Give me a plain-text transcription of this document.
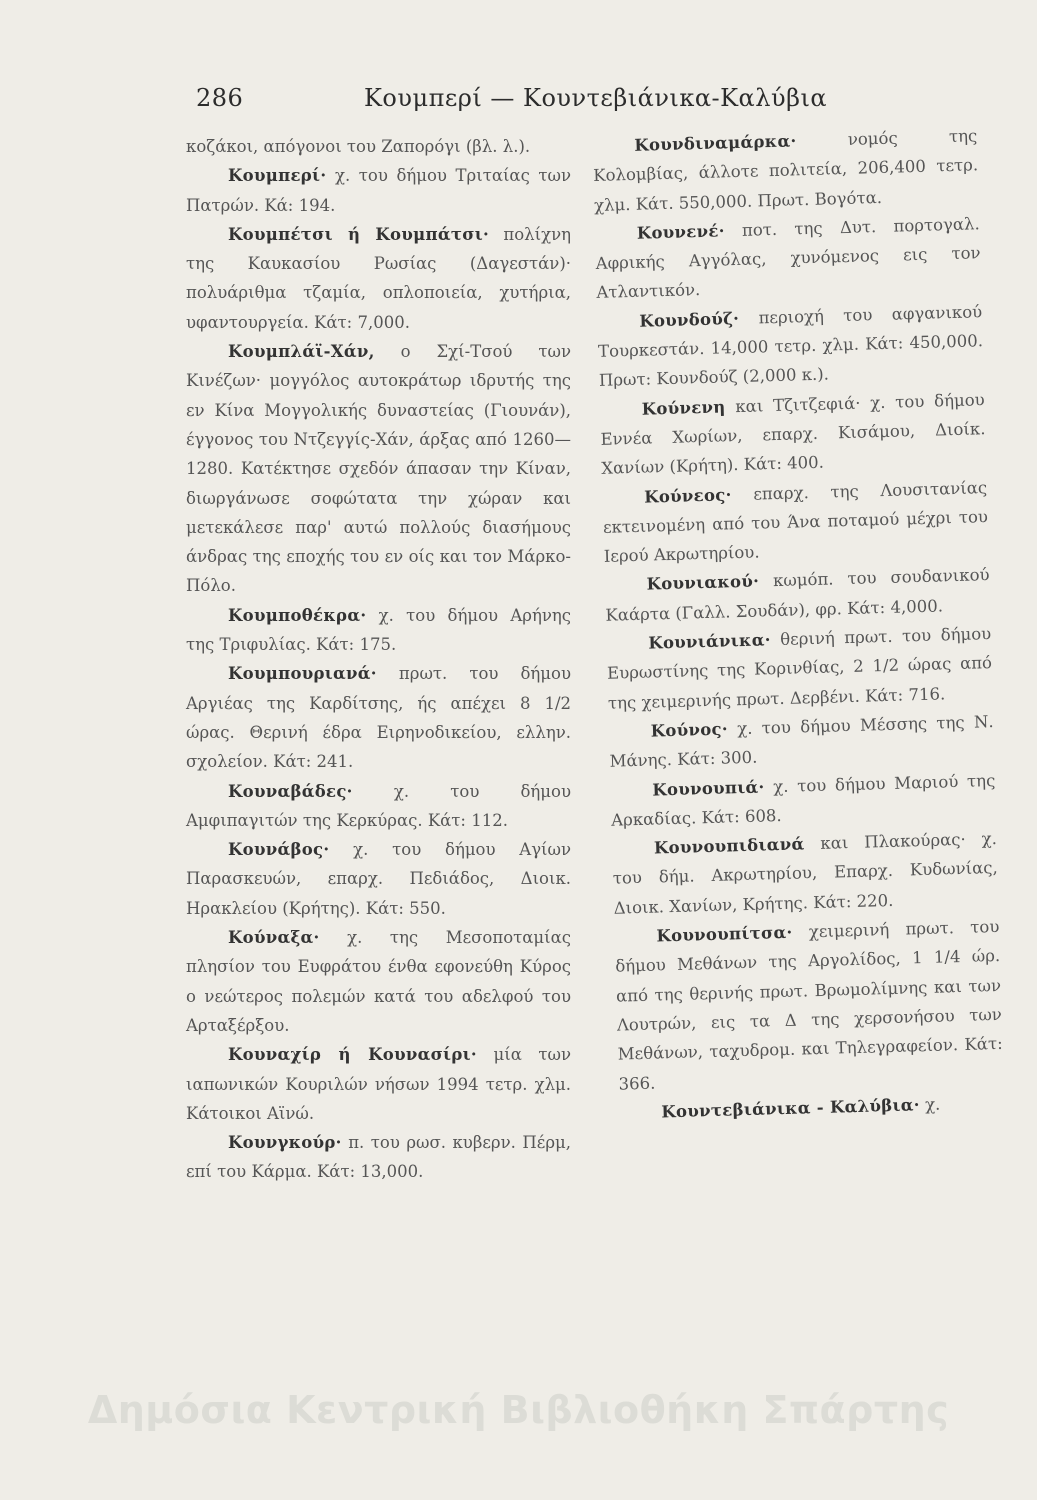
286	Κουμπερί — Κουντεβιάνικα-Καλύβια

κοζάκοι, απόγονοι του Ζαπορόγι (βλ. λ.).

Κουμπερί· χ. του δήμου Τριταίας των Πατρών. Κά: 194.

Κουμπέτσι ή Κουμπάτσι· πολίχνη της Καυκασίου Ρωσίας (Δαγεστάν)· πολυάριθμα τζαμία, οπλοποιεία, χυτήρια, υφαντουργεία. Κάτ: 7,000.

Κουμπλάϊ-Χάν, ο Σχί-Τσού των Κινέζων· μογγόλος αυτοκράτωρ ιδρυτής της εν Κίνα Μογγολικής δυναστείας (Γιουνάν), έγγονος του Ντζεγγίς-Χάν, άρξας από 1260—1280. Κατέκτησε σχεδόν άπασαν την Κίναν, διωργάνωσε σοφώτατα την χώραν και μετεκάλεσε παρ' αυτώ πολλούς διασήμους άνδρας της εποχής του εν οίς και τον Μάρκο-Πόλο.

Κουμποθέκρα· χ. του δήμου Αρήνης της Τριφυλίας. Κάτ: 175.

Κουμπουριανά· πρωτ. του δήμου Αργιέας της Καρδίτσης, ής απέχει 8 1/2 ώρας. Θερινή έδρα Ειρηνοδικείου, ελλην. σχολείον. Κάτ: 241.

Κουναβάδες· χ. του δήμου Αμφιπαγιτών της Κερκύρας. Κάτ: 112.

Κουνάβος· χ. του δήμου Αγίων Παρασκευών, επαρχ. Πεδιάδος, Διοικ. Ηρακλείου (Κρήτης). Κάτ: 550.

Κούναξα· χ. της Μεσοποταμίας πλησίον του Ευφράτου ένθα εφονεύθη Κύρος ο νεώτερος πολεμών κατά του αδελφού του Αρταξέρξου.

Κουναχίρ ή Κουνασίρι· μία των ιαπωνικών Κουριλών νήσων 1994 τετρ. χλμ. Κάτοικοι Αϊνώ.

Κουνγκούρ· π. του ρωσ. κυβερν. Πέρμ, επί του Κάρμα. Κάτ: 13,000.

Κουνδιναμάρκα·	νομός της Κολομβίας, άλλοτε πολιτεία, 206,400 τετρ. χλμ. Κάτ. 550,000. Πρωτ. Βογότα.

Κουνενέ· ποτ. της Δυτ. πορτογαλ. Αφρικής Αγγόλας, χυνόμενος εις τον Ατλαντικόν.

Κουνδούζ· περιοχή του αφγανικού Τουρκεστάν. 14,000 τετρ. χλμ. Κάτ: 450,000. Πρωτ: Κουνδούζ (2,000 κ.).

Κούνενη και Τζιτζεφιά· χ. του δήμου Εννέα Χωρίων, επαρχ. Κισάμου, Διοίκ. Χανίων (Κρήτη). Κάτ: 400.

Κούνεος· επαρχ. της Λουσιτανίας εκτεινομένη από του Άνα ποταμού μέχρι του Ιερού Ακρωτηρίου.

Κουνιακού· κωμόπ. του σουδανικού Καάρτα (Γαλλ. Σουδάν), φρ. Κάτ: 4,000.

Κουνιάνικα· θερινή πρωτ. του δήμου Ευρωστίνης της Κορινθίας, 2 1/2 ώρας από της χειμερινής πρωτ. Δερβένι. Κάτ: 716.

Κούνος· χ. του δήμου Μέσσης της Ν. Μάνης. Κάτ: 300.

Κουνουπιά· χ. του δήμου Μαριού της Αρκαδίας. Κάτ: 608.

Κουνουπιδιανά και Πλακούρας· χ. του δήμ. Ακρωτηρίου, Επαρχ. Κυδωνίας, Διοικ. Χανίων, Κρήτης. Κάτ: 220.

Κουνουπίτσα· χειμερινή πρωτ. του δήμου Μεθάνων της Αργολίδος, 1 1/4 ώρ. από της θερινής πρωτ. Βρωμολίμνης και των Λουτρών, εις τα Δ της χερσονήσου των Μεθάνων, ταχυδρομ. και Τηλεγραφείον. Κάτ: 366.

Κουντεβιάνικα - Καλύβια· χ.

Δημόσια Κεντρική Βιβλιοθήκη Σπάρτης
